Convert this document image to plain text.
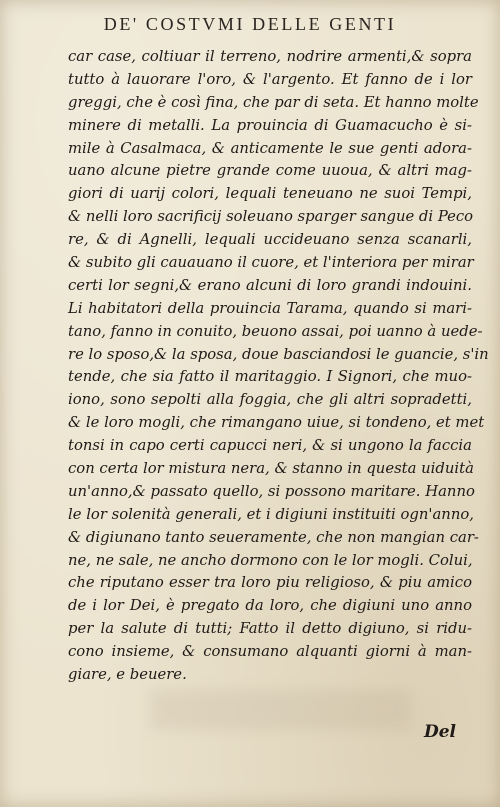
DE' COSTVMI DELLE GENTI
car case, coltiuar il terreno, nodrire armenti,& sopra
tutto à lauorare l'oro, & l'argento. Et fanno de i lor
greggi, che è così fina, che par di seta. Et hanno molte
minere di metalli. La prouincia di Guamacucho è si-
mile à Casalmaca, & anticamente le sue genti adora-
uano alcune pietre grande come uuoua, & altri mag-
giori di uarij colori, lequali teneuano ne suoi Tempi,
& nelli loro sacrificij soleuano sparger sangue di Peco
re, & di Agnelli, lequali uccideuano senza scanarli,
& subito gli cauauano il cuore, et l'interiora per mirar
certi lor segni,& erano alcuni di loro grandi indouini.
Li habitatori della prouincia Tarama, quando si mari-
tano, fanno in conuito, beuono assai, poi uanno à uede-
re lo sposo,& la sposa, doue basciandosi le guancie, s'in
tende, che sia fatto il maritaggio. I Signori, che muo-
iono, sono sepolti alla foggia, che gli altri sopradetti,
& le loro mogli, che rimangano uiue, si tondeno, et met
tonsi in capo certi capucci neri, & si ungono la faccia
con certa lor mistura nera, & stanno in questa uiduità
un'anno,& passato quello, si possono maritare. Hanno
le lor solenità generali, et i digiuni instituiti ogn'anno,
& digiunano tanto seueramente, che non mangian car-
ne, ne sale, ne ancho dormono con le lor mogli. Colui,
che riputano esser tra loro piu religioso, & piu amico
de i lor Dei, è pregato da loro, che digiuni uno anno
per la salute di tutti; Fatto il detto digiuno, si ridu-
cono insieme, & consumano alquanti giorni à man-
giare, e beuere.
Del
